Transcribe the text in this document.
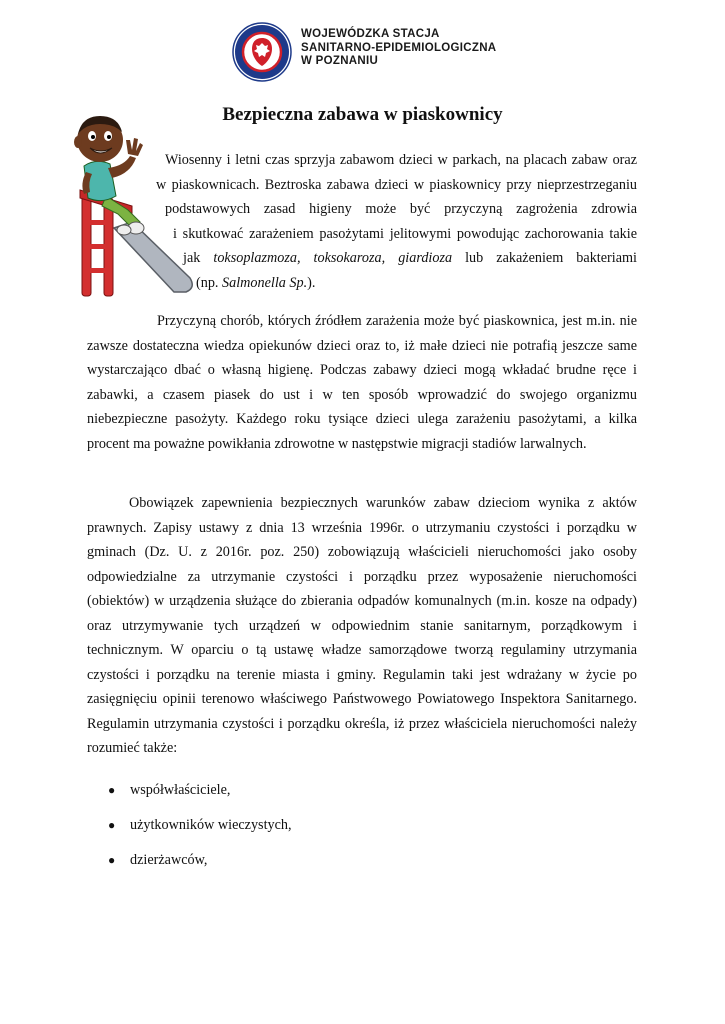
WOJEWÓDZKA STACJA
SANITARNO-EPIDEMIOLOGICZNA
W POZNANIU
Bezpieczna zabawa w piaskownicy
Wiosenny i letni czas sprzyja zabawom dzieci w parkach, na placach zabaw oraz
w piaskownicach. Beztroska zabawa dzieci w piaskownicy przy nieprzestrzeganiu
podstawowych zasad higieny może być przyczyną zagrożenia zdrowia
i skutkować zarażeniem pasożytami jelitowymi powodując zachorowania takie
jak toksoplazmoza, toksokaroza, giardioza lub zakażeniem bakteriami
(np. Salmonella Sp.).

Przyczyną chorób, których źródłem zarażenia może być piaskownica, jest m.in. nie zawsze dostateczna wiedza opiekunów dzieci oraz to, iż małe dzieci nie potrafią jeszcze same wystarczająco dbać o własną higienę. Podczas zabawy dzieci mogą wkładać brudne ręce i zabawki, a czasem piasek do ust i w ten sposób wprowadzić do swojego organizmu niebezpieczne pasożyty. Każdego roku tysiące dzieci ulega zarażeniu pasożytami, a kilka procent ma poważne powikłania zdrowotne w następstwie migracji stadiów larwalnych.

Obowiązek zapewnienia bezpiecznych warunków zabaw dzieciom wynika z aktów prawnych. Zapisy ustawy z dnia 13 września 1996r. o utrzymaniu czystości i porządku w gminach (Dz. U. z 2016r. poz. 250) zobowiązują właścicieli nieruchomości jako osoby odpowiedzialne za utrzymanie czystości i porządku przez wyposażenie nieruchomości (obiektów) w urządzenia służące do zbierania odpadów komunalnych (m.in. kosze na odpady) oraz utrzymywanie tych urządzeń w odpowiednim stanie sanitarnym, porządkowym i technicznym. W oparciu o tą ustawę władze samorządowe tworzą regulaminy utrzymania czystości i porządku na terenie miasta i gminy. Regulamin taki jest wdrażany w życie po zasięgnięciu opinii terenowo właściwego Państwowego Powiatowego Inspektora Sanitarnego. Regulamin utrzymania czystości i porządku określa, iż przez właściciela nieruchomości należy rozumieć także:

●	współwłaściciele,
●	użytkowników wieczystych,
●	dzierżawców,
